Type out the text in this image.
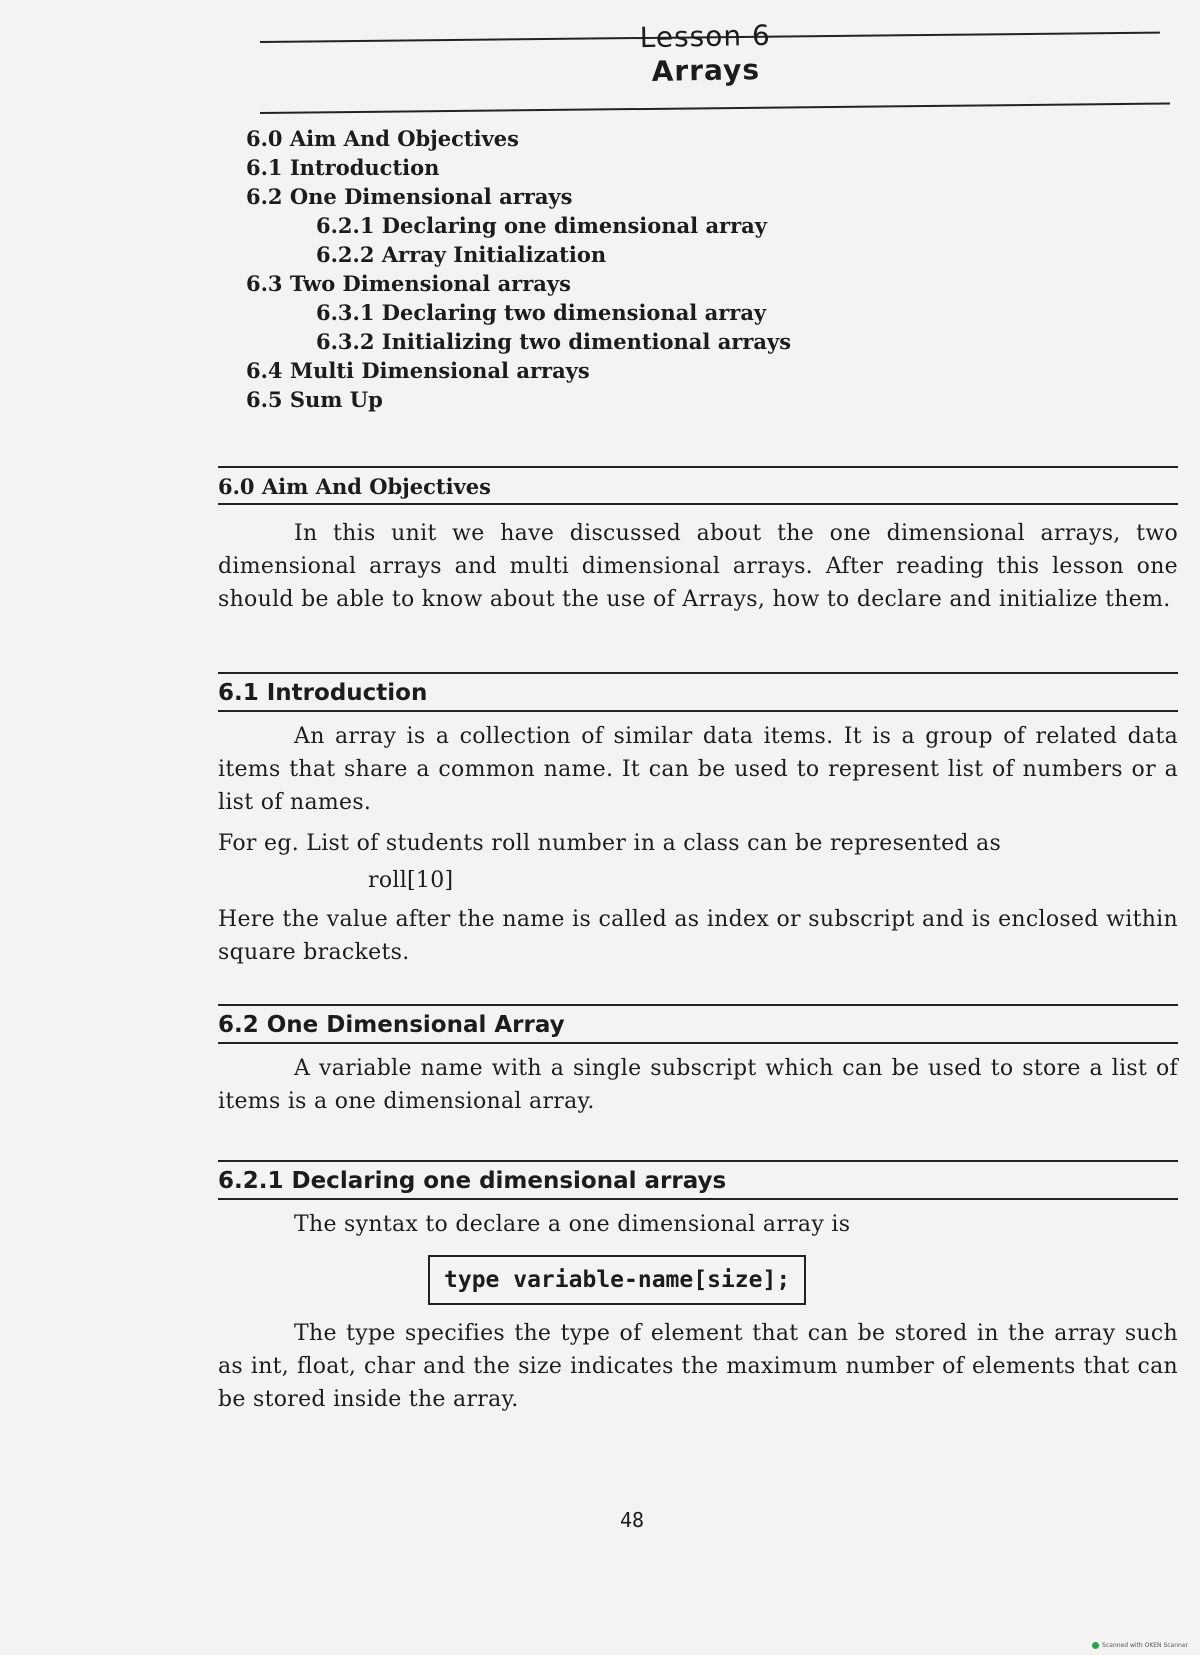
Lesson 6
Arrays
6.0 Aim And Objectives
6.1 Introduction
6.2 One Dimensional arrays
6.2.1 Declaring one dimensional array
6.2.2 Array Initialization
6.3 Two Dimensional arrays
6.3.1 Declaring two dimensional array
6.3.2 Initializing two dimentional arrays
6.4 Multi Dimensional arrays
6.5 Sum Up
6.0 Aim And Objectives
In this unit we have discussed about the one dimensional arrays, two dimensional arrays and multi dimensional arrays. After reading this lesson one should be able to know about the use of Arrays, how to declare and initialize them.
6.1 Introduction
An array is a collection of similar data items. It is a group of related data items that share a common name. It can be used to represent list of numbers or a list of names.
For eg. List of students roll number in a class can be represented as
roll[10]
Here the value after the name is called as index or subscript and is enclosed within square brackets.
6.2 One Dimensional Array
A variable name with a single subscript which can be used to store a list of items is a one dimensional array.
6.2.1 Declaring one dimensional arrays
The syntax to declare a one dimensional array is
type variable-name[size];
The type specifies the type of element that can be stored in the array such as int, float, char and the size indicates the maximum number of elements that can be stored inside the array.
48
Scanned with OKEN Scanner
